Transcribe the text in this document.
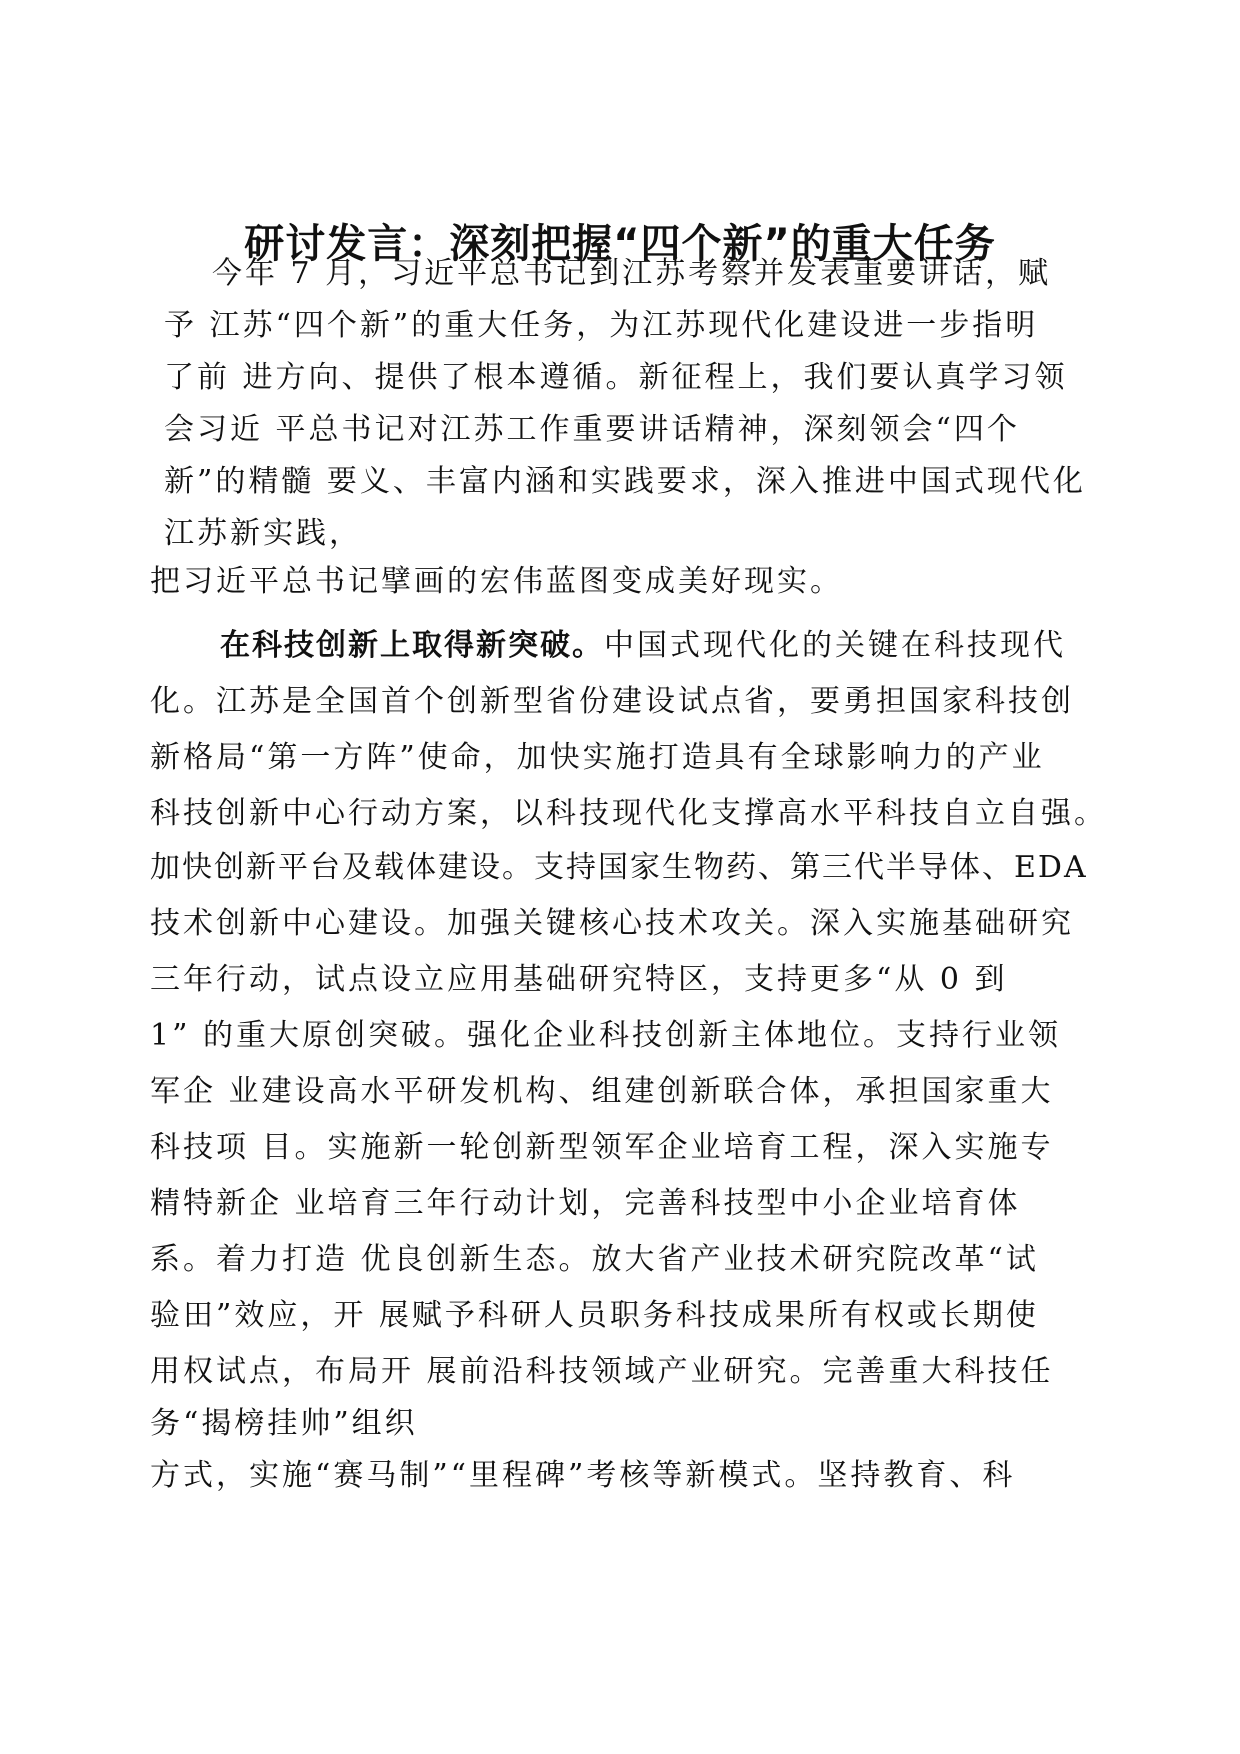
研讨发言：深刻把握“四个新”的重大任务
今年 7 月，习近平总书记到江苏考察并发表重要讲话，赋
予 江苏“四个新”的重大任务，为江苏现代化建设进一步指明
了前 进方向、提供了根本遵循。新征程上，我们要认真学习领
会习近 平总书记对江苏工作重要讲话精神，深刻领会“四个
新”的精髓 要义、丰富内涵和实践要求，深入推进中国式现代化
江苏新实践，
把习近平总书记擘画的宏伟蓝图变成美好现实。
在科技创新上取得新突破。中国式现代化的关键在科技现代
化。江苏是全国首个创新型省份建设试点省，要勇担国家科技创
新格局“第一方阵”使命，加快实施打造具有全球影响力的产业
科技创新中心行动方案，以科技现代化支撑高水平科技自立自强。
加快创新平台及载体建设。支持国家生物药、第三代半导体、EDA
技术创新中心建设。加强关键核心技术攻关。深入实施基础研究
三年行动，试点设立应用基础研究特区，支持更多“从 0 到
1” 的重大原创突破。强化企业科技创新主体地位。支持行业领
军企 业建设高水平研发机构、组建创新联合体，承担国家重大
科技项 目。实施新一轮创新型领军企业培育工程，深入实施专
精特新企 业培育三年行动计划，完善科技型中小企业培育体
系。着力打造 优良创新生态。放大省产业技术研究院改革“试
验田”效应，开 展赋予科研人员职务科技成果所有权或长期使
用权试点，布局开 展前沿科技领域产业研究。完善重大科技任
务“揭榜挂帅”组织
方式，实施“赛马制”“里程碑”考核等新模式。坚持教育、科
